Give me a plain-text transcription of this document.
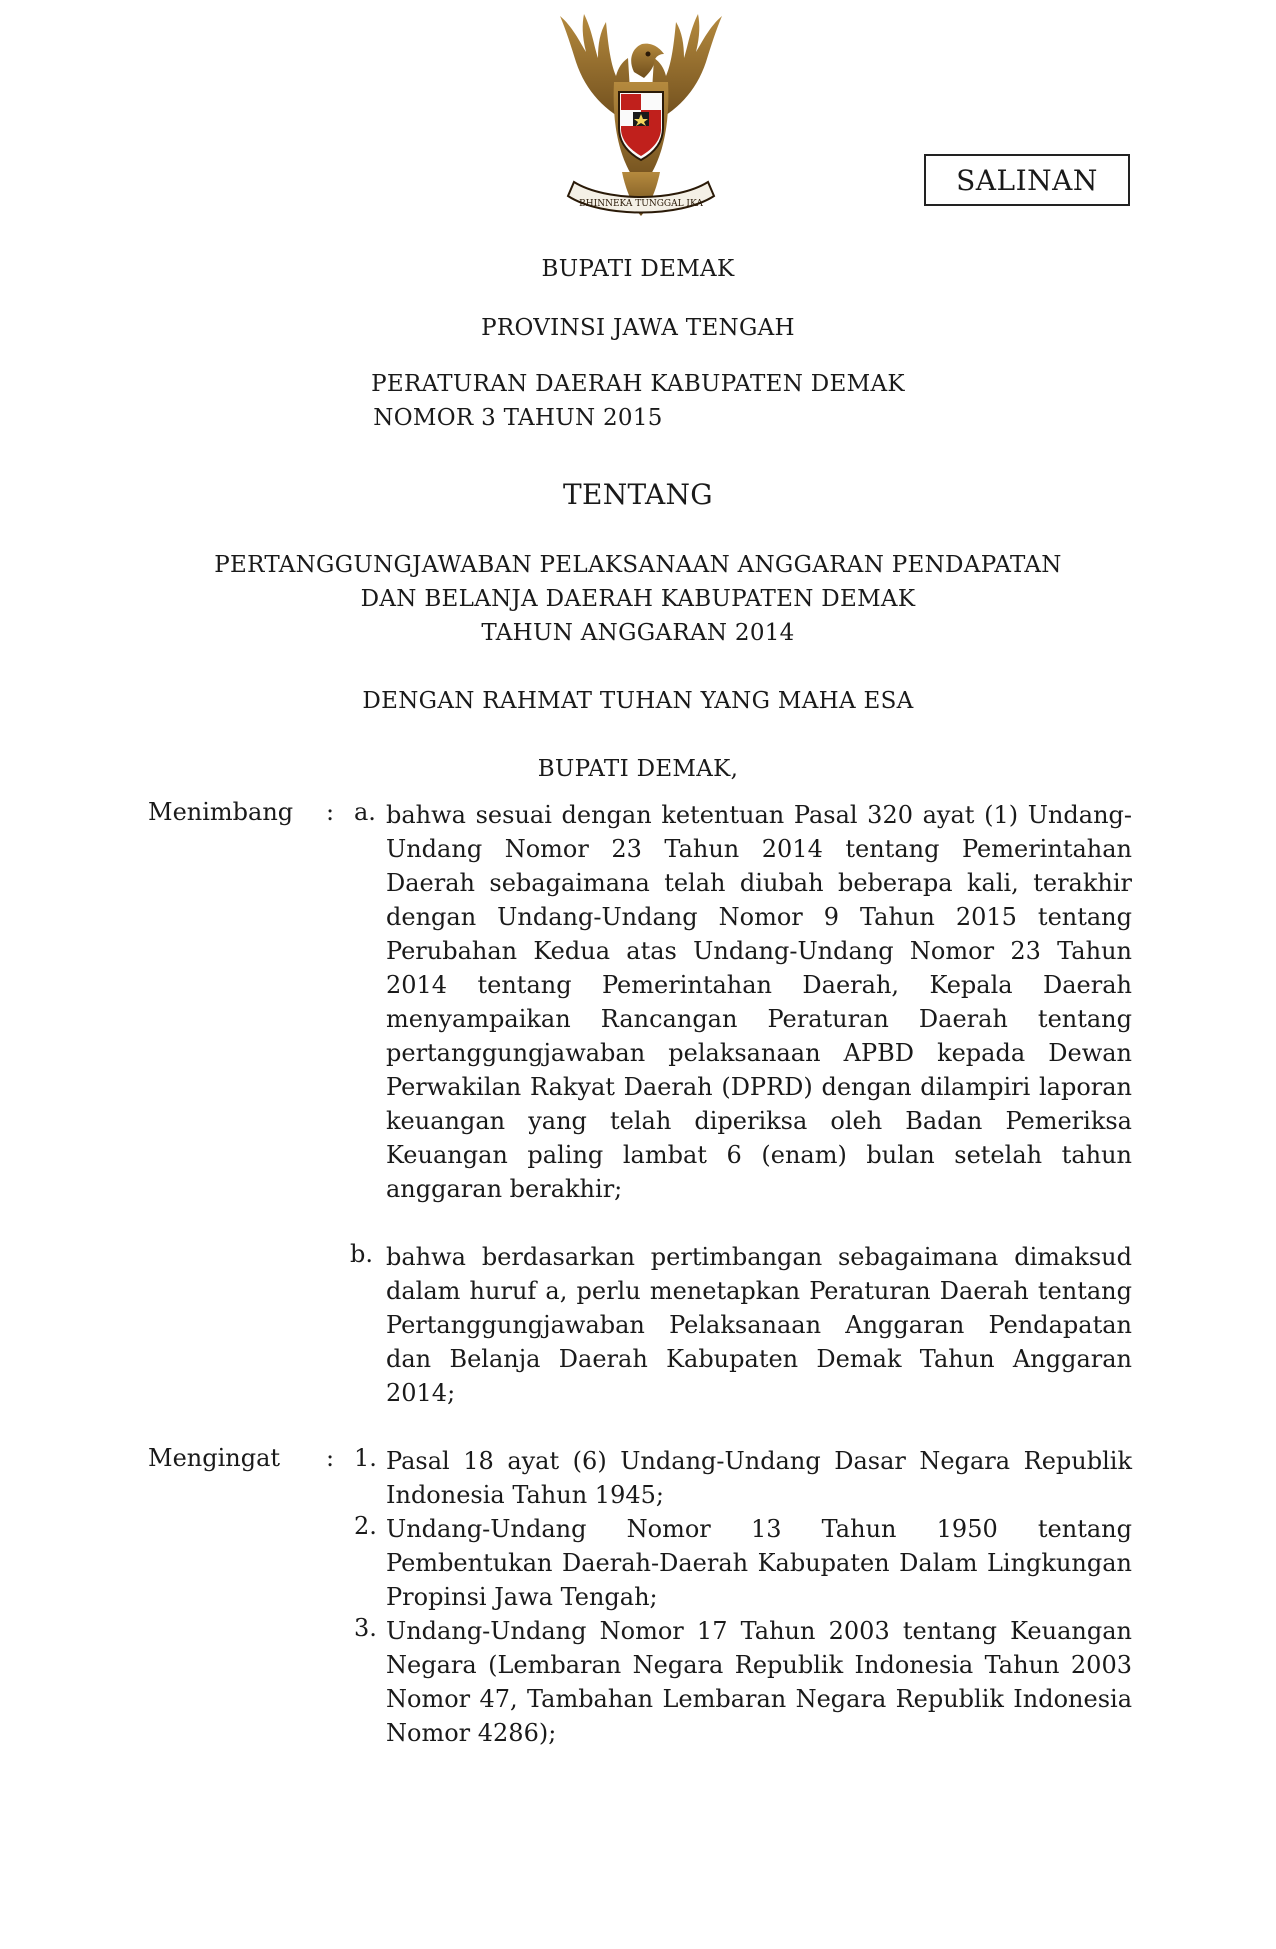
BHINNEKA TUNGGAL IKA
SALINAN
BUPATI DEMAK
PROVINSI JAWA TENGAH
PERATURAN DAERAH KABUPATEN DEMAK
NOMOR 3 TAHUN 2015
TENTANG
PERTANGGUNGJAWABAN PELAKSANAAN ANGGARAN PENDAPATAN
DAN BELANJA DAERAH KABUPATEN DEMAK
TAHUN ANGGARAN 2014
DENGAN RAHMAT TUHAN YANG MAHA ESA
BUPATI DEMAK,
Menimbang : a. bahwa sesuai dengan ketentuan Pasal 320 ayat (1) Undang-Undang Nomor 23 Tahun 2014 tentang Pemerintahan Daerah sebagaimana telah diubah beberapa kali, terakhir dengan Undang-Undang Nomor 9 Tahun 2015 tentang Perubahan Kedua atas Undang-Undang Nomor 23 Tahun 2014 tentang Pemerintahan Daerah, Kepala Daerah menyampaikan Rancangan Peraturan Daerah tentang pertanggungjawaban pelaksanaan APBD kepada Dewan Perwakilan Rakyat Daerah (DPRD) dengan dilampiri laporan keuangan yang telah diperiksa oleh Badan Pemeriksa Keuangan paling lambat 6 (enam) bulan setelah tahun anggaran berakhir;
b. bahwa berdasarkan pertimbangan sebagaimana dimaksud dalam huruf a, perlu menetapkan Peraturan Daerah tentang Pertanggungjawaban Pelaksanaan Anggaran Pendapatan dan Belanja Daerah Kabupaten Demak Tahun Anggaran 2014;
Mengingat : 1. Pasal 18 ayat (6) Undang-Undang Dasar Negara Republik Indonesia Tahun 1945;
2. Undang-Undang Nomor 13 Tahun 1950 tentang Pembentukan Daerah-Daerah Kabupaten Dalam Lingkungan Propinsi Jawa Tengah;
3. Undang-Undang Nomor 17 Tahun 2003 tentang Keuangan Negara (Lembaran Negara Republik Indonesia Tahun 2003 Nomor 47, Tambahan Lembaran Negara Republik Indonesia Nomor 4286);
